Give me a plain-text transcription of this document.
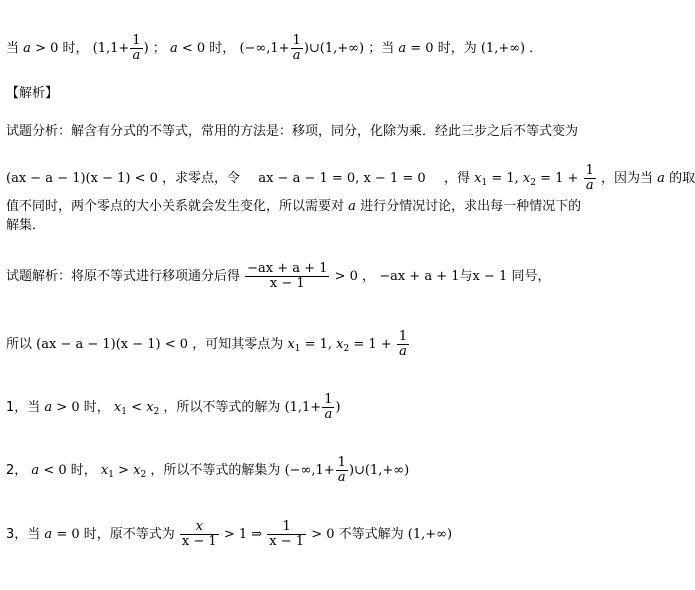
当 a > 0 时， ($1,1+ \frac{1}{a}$ ) ； a < 0 时， ($-\infty,1+ \frac{1}{a}$ )∪(1,+∞) ；当 a = 0 时，为 (1,+∞) ．
【解析】
试题分析：解含有分式的不等式，常用的方法是：移项，同分，化除为乘．经此三步之后不等式变为
(ax − a − 1)(x − 1) < 0 ，求零点，令 ax − a − 1 = 0, x − 1 = 0 ，得 $x_1 = 1$, $x_2 = 1 + \frac{1}{a}$ ，因为当 a 的取
值不同时，两个零点的大小关系就会发生变化，所以需要对 a 进行分情况讨论，求出每一种情况下的
解集．
试题解析：将原不等式进行移项通分后得 $\frac{-ax + a + 1}{x - 1} > 0$ ， −ax + a + 1与x − 1 同号，
所以 (ax − a − 1)(x − 1) < 0 ，可知其零点为 $x_1 = 1$, $x_2 = 1 + \frac{1}{a}$
1，当 a > 0 时， $x_1 < x_2$ ，所以不等式的解为 ($1,1+ \frac{1}{a}$ )
2， a < 0 时， $x_1 > x_2$ ，所以不等式的解集为 ($-\infty,1+ \frac{1}{a}$ )∪(1,+∞)
3，当 a = 0 时，原不等式为 $\frac{x}{x - 1} > 1$ ⇒ $\frac{1}{x - 1} > 0$ 不等式解为 (1,+∞)
